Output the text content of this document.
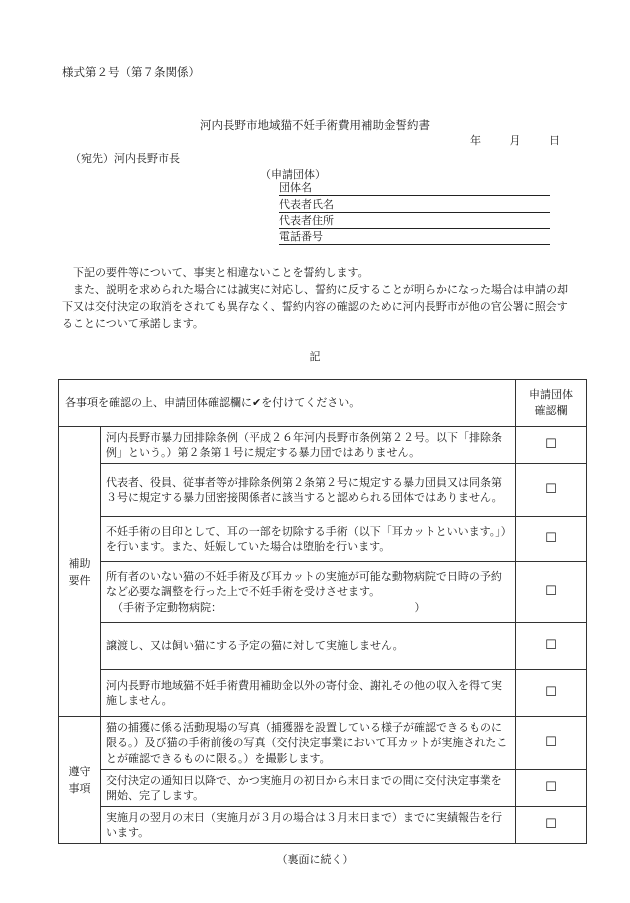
様式第２号（第７条関係）
河内長野市地域猫不妊手術費用補助金誓約書
年	月	日
（宛先）河内長野市長
（申請団体）
団体名
代表者氏名
代表者住所
電話番号

下記の要件等について、事実と相違ないことを誓約します。

また、説明を求められた場合には誠実に対応し、誓約に反することが明らかになった場合は申請の却下又は交付決定の取消をされても異存なく、誓約内容の確認のために河内長野市が他の官公署に照会することについて承諾します。

記
各事項を確認の上、申請団体確認欄に✔を付けてください。		申請団体
確認欄

補助
要件	河内長野市暴力団排除条例（平成２６年河内長野市条例第２２号。以下「排除条例」という。）第２条第１号に規定する暴力団ではありません。	☐

	代表者、役員、従事者等が排除条例第２条第２号に規定する暴力団員又は同条第３号に規定する暴力団密接関係者に該当すると認められる団体ではありません。	☐

	不妊手術の目印として、耳の一部を切除する手術（以下「耳カットといいます。」）を行います。また、妊娠していた場合は堕胎を行います。	☐

	所有者のいない猫の不妊手術及び耳カットの実施が可能な動物病院で日時の予約など必要な調整を行った上で不妊手術を受けさせます。
（手術予定動物病院：　　　　　　　　　　　　　　　　　　）	☐

	譲渡し、又は飼い猫にする予定の猫に対して実施しません。	☐

	河内長野市地域猫不妊手術費用補助金以外の寄付金、謝礼その他の収入を得て実施しません。	☐

遵守
事項	猫の捕獲に係る活動現場の写真（捕獲器を設置している様子が確認できるものに限る。）及び猫の手術前後の写真（交付決定事業において耳カットが実施されたことが確認できるものに限る。）を撮影します。	☐

	交付決定の通知日以降で、かつ実施月の初日から末日までの間に交付決定事業を開始、完了します。	☐

	実施月の翌月の末日（実施月が３月の場合は３月末日まで）までに実績報告を行います。	☐
（裏面に続く）
